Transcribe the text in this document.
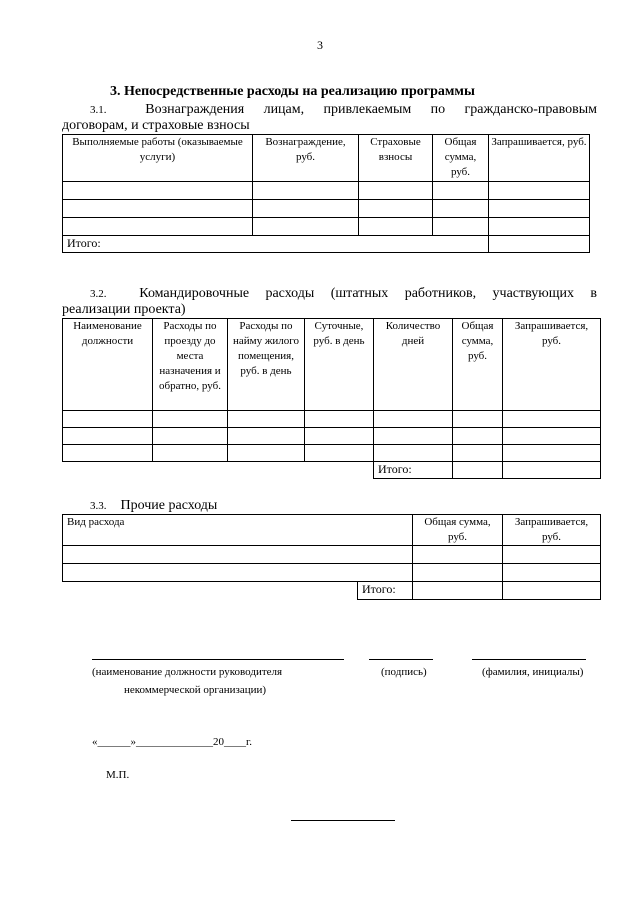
3
3. Непосредственные расходы на реализацию программы
3.1.	Вознаграждения лицам, привлекаемым по гражданско-правовым
договорам, и страховые взносы
Выполняемые работы (оказываемые услуги)	Вознаграждение, руб.	Страховые взносы	Общая сумма, руб.	Запрашивается, руб.

Итого:				
3.2. Командировочные расходы (штатных работников, участвующих в
реализации проекта)
Наименование должности	Расходы по проезду до места назначения и обратно, руб.	Расходы по найму жилого помещения, руб. в день	Суточные, руб. в день	Количество дней	Общая сумма, руб.	Запрашивается, руб.

				Итого:		
3.3. Прочие расходы
Вид расхода		Общая сумма, руб.	Запрашивается, руб.

	Итого:		
(наименование должности руководителя
некоммерческой организации)
(подпись)	(фамилия, инициалы)
«______»______________20____г.
М.П.
